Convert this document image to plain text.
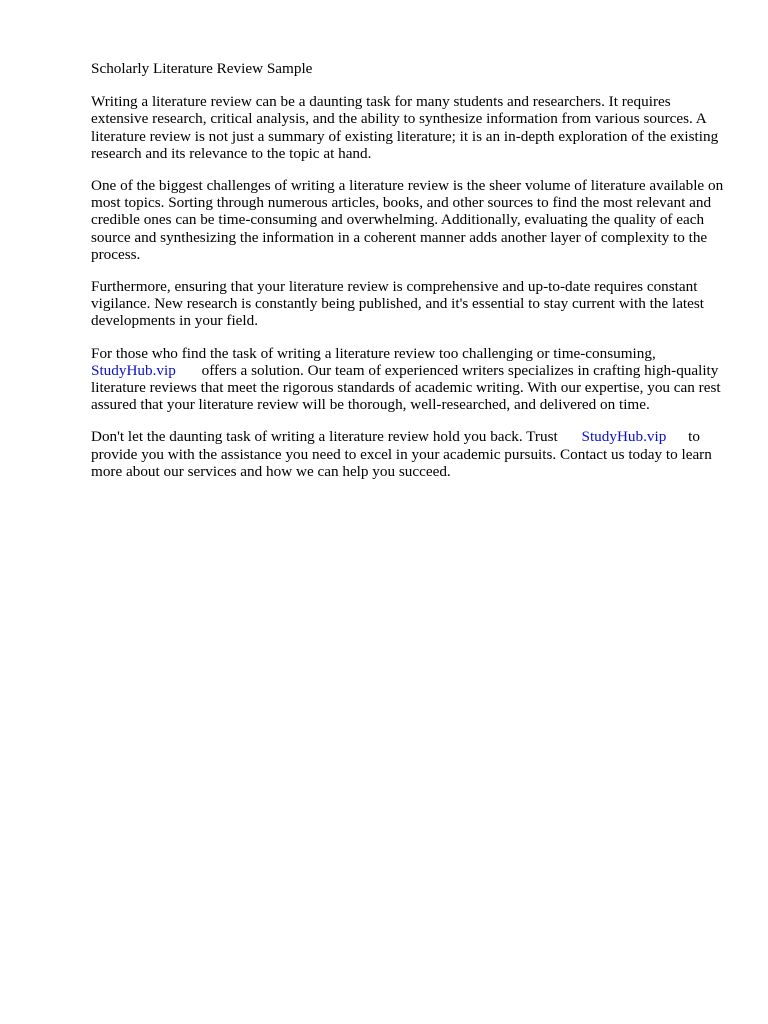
Scholarly Literature Review Sample

Writing a literature review can be a daunting task for many students and researchers. It requires extensive research, critical analysis, and the ability to synthesize information from various sources. A literature review is not just a summary of existing literature; it is an in-depth exploration of the existing research and its relevance to the topic at hand.

One of the biggest challenges of writing a literature review is the sheer volume of literature available on most topics. Sorting through numerous articles, books, and other sources to find the most relevant and credible ones can be time-consuming and overwhelming. Additionally, evaluating the quality of each source and synthesizing the information in a coherent manner adds another layer of complexity to the process.

Furthermore, ensuring that your literature review is comprehensive and up-to-date requires constant vigilance. New research is constantly being published, and it's essential to stay current with the latest developments in your field.

For those who find the task of writing a literature review too challenging or time-consuming, StudyHub.vip offers a solution. Our team of experienced writers specializes in crafting high-quality literature reviews that meet the rigorous standards of academic writing. With our expertise, you can rest assured that your literature review will be thorough, well-researched, and delivered on time.

Don't let the daunting task of writing a literature review hold you back. Trust StudyHub.vip to provide you with the assistance you need to excel in your academic pursuits. Contact us today to learn more about our services and how we can help you succeed.
